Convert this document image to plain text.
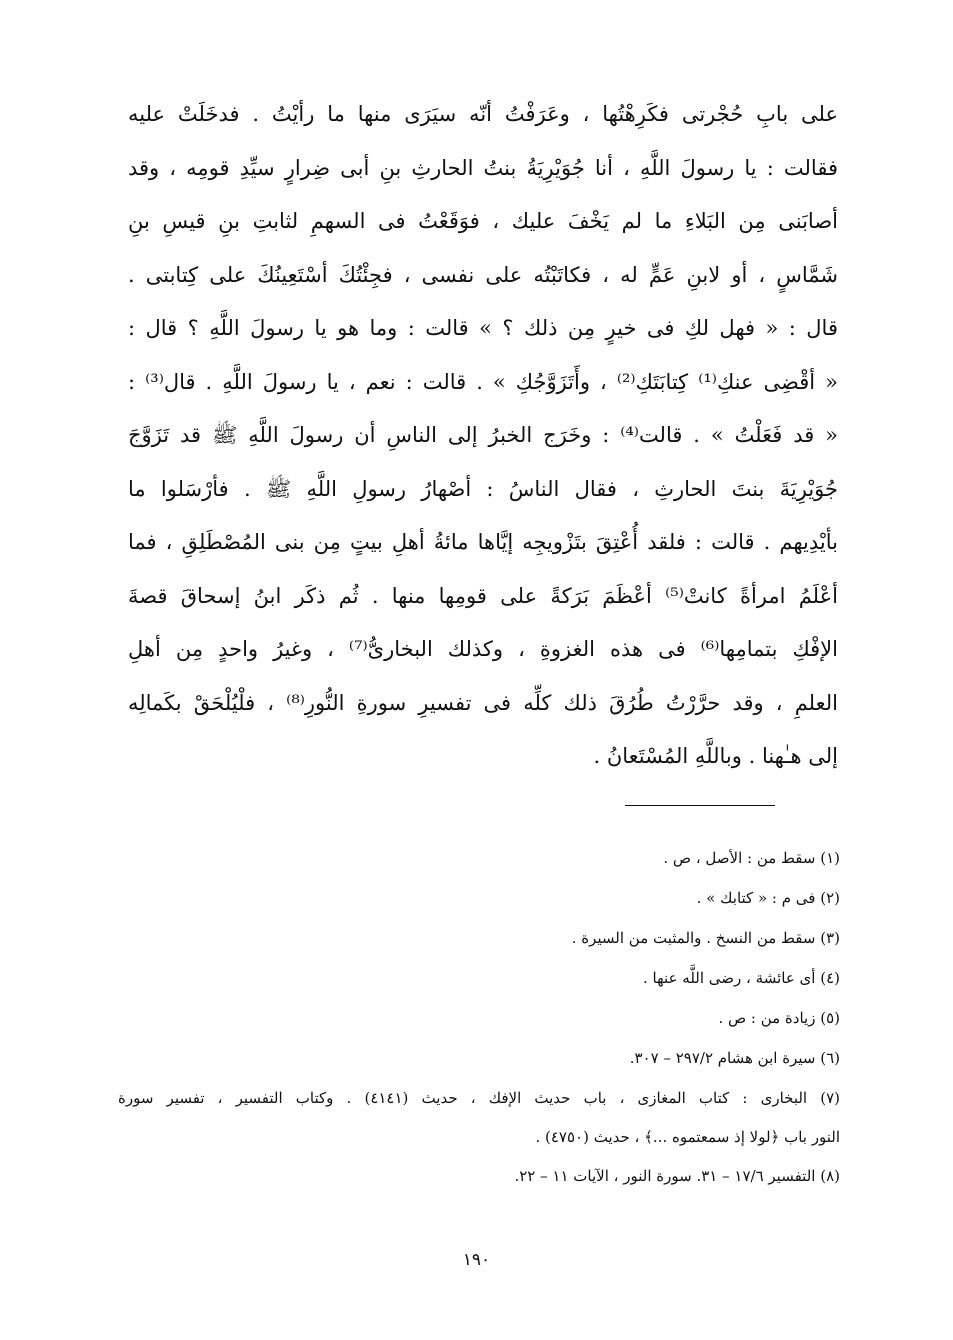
على بابِ حُجْرتى فكَرِهْتُها ، وعَرَفْتُ أنّه سيَرَى منها ما رأيْتُ . فدخَلَتْ عليه
فقالت : يا رسولَ اللَّهِ ، أنا جُوَيْرِيَةُ بنتُ الحارثِ بنِ أبى ضِرارٍ سيِّدِ قومِه ، وقد
أصابَنى مِن البَلاءِ ما لم يَخْفَ عليك ، فوَقَعْتُ فى السهمِ لثابتِ بنِ قيسِ بنِ
شَمَّاسٍ ، أو لابنِ عَمٍّ له ، فكاتَبْتُه على نفسى ، فجِئْتُكَ أسْتَعِينُكَ على كِتابتى .
قال : « فهل لكِ فى خيرٍ مِن ذلك ؟ » قالت : وما هو يا رسولَ اللَّهِ ؟ قال :
« أقْضِى عنكِ⁽¹⁾ كِتابَتَكِ⁽²⁾ ، وأَتَزَوَّجُكِ » . قالت : نعم ، يا رسولَ اللَّهِ . قال⁽³⁾ :
« قد فَعَلْتُ » . قالت⁽⁴⁾ : وخَرَج الخبرُ إلى الناسِ أن رسولَ اللَّهِ ﷺ قد تَزَوَّجَ
جُوَيْرِيَةَ بنتَ الحارثِ ، فقال الناسُ : أصْهارُ رسولِ اللَّهِ ﷺ . فأرْسَلوا ما
بأيْدِيهم . قالت : فلقد أُعْتِقَ بتَزْويجِه إيَّاها مائةُ أهلِ بيتٍ مِن بنى المُصْطَلِقِ ، فما
أعْلَمُ امرأةً كانتْ⁽⁵⁾ أعْظَمَ بَرَكةً على قومِها منها . ثُم ذكَر ابنُ إسحاقَ قصةَ
الإفْكِ بتمامِها⁽⁶⁾ فى هذه الغزوةِ ، وكذلك البخارىُّ⁽⁷⁾ ، وغيرُ واحدٍ مِن أهلِ
العلمِ ، وقد حرَّرْتُ طُرُقَ ذلك كلِّه فى تفسيرِ سورةِ النُّورِ⁽⁸⁾ ، فلْيُلْحَقْ بكَمالِه
إلى هـٰهنا . وباللَّهِ المُسْتَعانُ .
(١) سقط من : الأصل ، ص .
(٢) فى م : « كتابك » .
(٣) سقط من النسخ . والمثبت من السيرة .
(٤) أى عائشة ، رضى اللَّه عنها .
(٥) زيادة من : ص .
(٦) سيرة ابن هشام ٢٩٧/٢ – ٣٠٧.
(٧) البخارى : كتاب المغازى ، باب حديث الإفك ، حديث (٤١٤١) . وكتاب التفسير ، تفسير سورة
النور باب ﴿لولا إذ سمعتموه ...﴾ ، حديث (٤٧٥٠) .
(٨) التفسير ١٧/٦ – ٣١. سورة النور ، الآيات ١١ – ٢٢.
١٩٠
